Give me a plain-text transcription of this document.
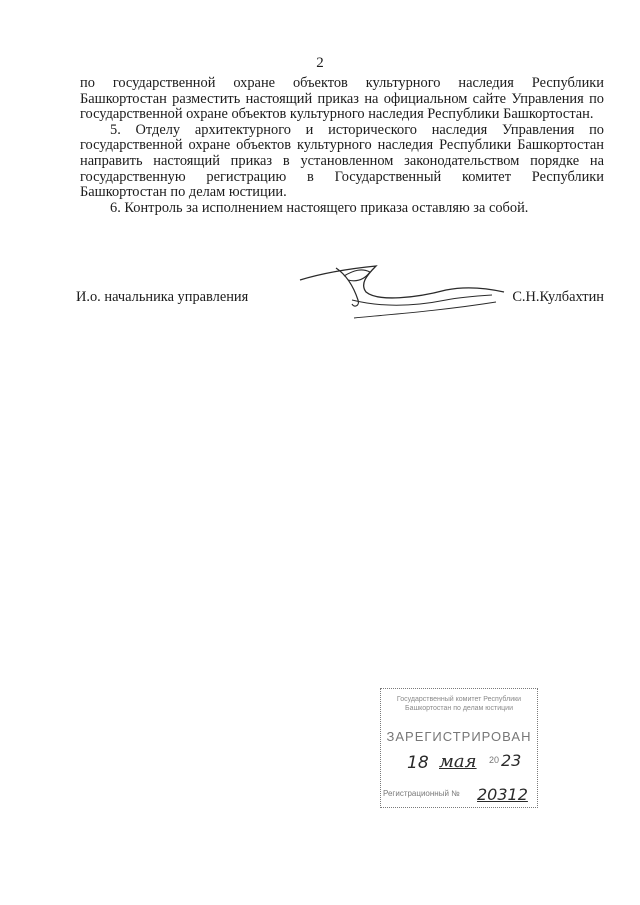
2

по государственной охране объектов культурного наследия Республики Башкортостан разместить настоящий приказ на официальном сайте Управления по государственной охране объектов культурного наследия Республики Башкортостан.

5. Отделу архитектурного и исторического наследия Управления по государственной охране объектов культурного наследия Республики Башкортостан направить настоящий приказ в установленном законодательством порядке на государственную регистрацию в Государственный комитет Республики Башкортостан по делам юстиции.

6. Контроль за исполнением настоящего приказа оставляю за собой.

И.о. начальника управления	С.Н.Кулбахтин
Государственный комитет Республики Башкортостан по делам юстиции
ЗАРЕГИСТРИРОВАН
18 мая 20 23
Регистрационный № 20312
